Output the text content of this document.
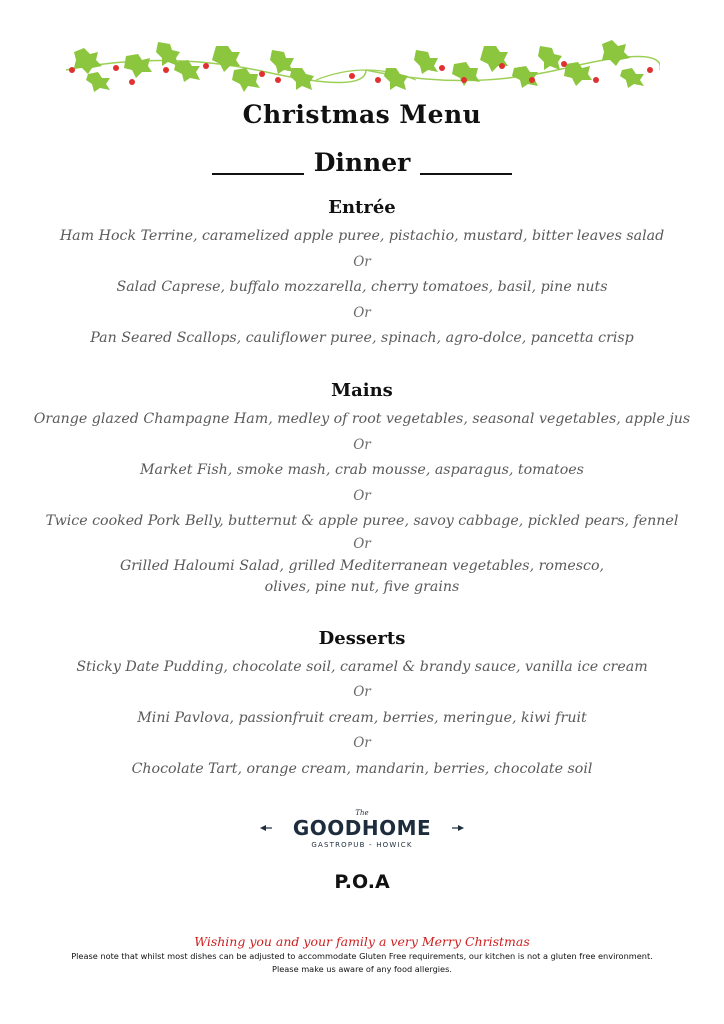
Christmas Menu
Dinner
Entrée
Ham Hock Terrine, caramelized apple puree, pistachio, mustard, bitter leaves salad
Or
Salad Caprese, buffalo mozzarella, cherry tomatoes, basil, pine nuts
Or
Pan Seared Scallops, cauliflower puree, spinach, agro-dolce, pancetta crisp
Mains
Orange glazed Champagne Ham, medley of root vegetables, seasonal vegetables, apple jus
Or
Market Fish, smoke mash, crab mousse, asparagus, tomatoes
Or
Twice cooked Pork Belly, butternut & apple puree, savoy cabbage, pickled pears, fennel
Or
Grilled Haloumi Salad, grilled Mediterranean vegetables, romesco,
olives, pine nut, five grains
Desserts
Sticky Date Pudding, chocolate soil, caramel & brandy sauce, vanilla ice cream
Or
Mini Pavlova, passionfruit cream, berries, meringue, kiwi fruit
Or
Chocolate Tart, orange cream, mandarin, berries, chocolate soil
The
GOODHOME
GASTROPUB - HOWICK
P.O.A
Wishing you and your family a very Merry Christmas
Please note that whilst most dishes can be adjusted to accommodate Gluten Free requirements, our kitchen is not a gluten free environment.
Please make us aware of any food allergies.
